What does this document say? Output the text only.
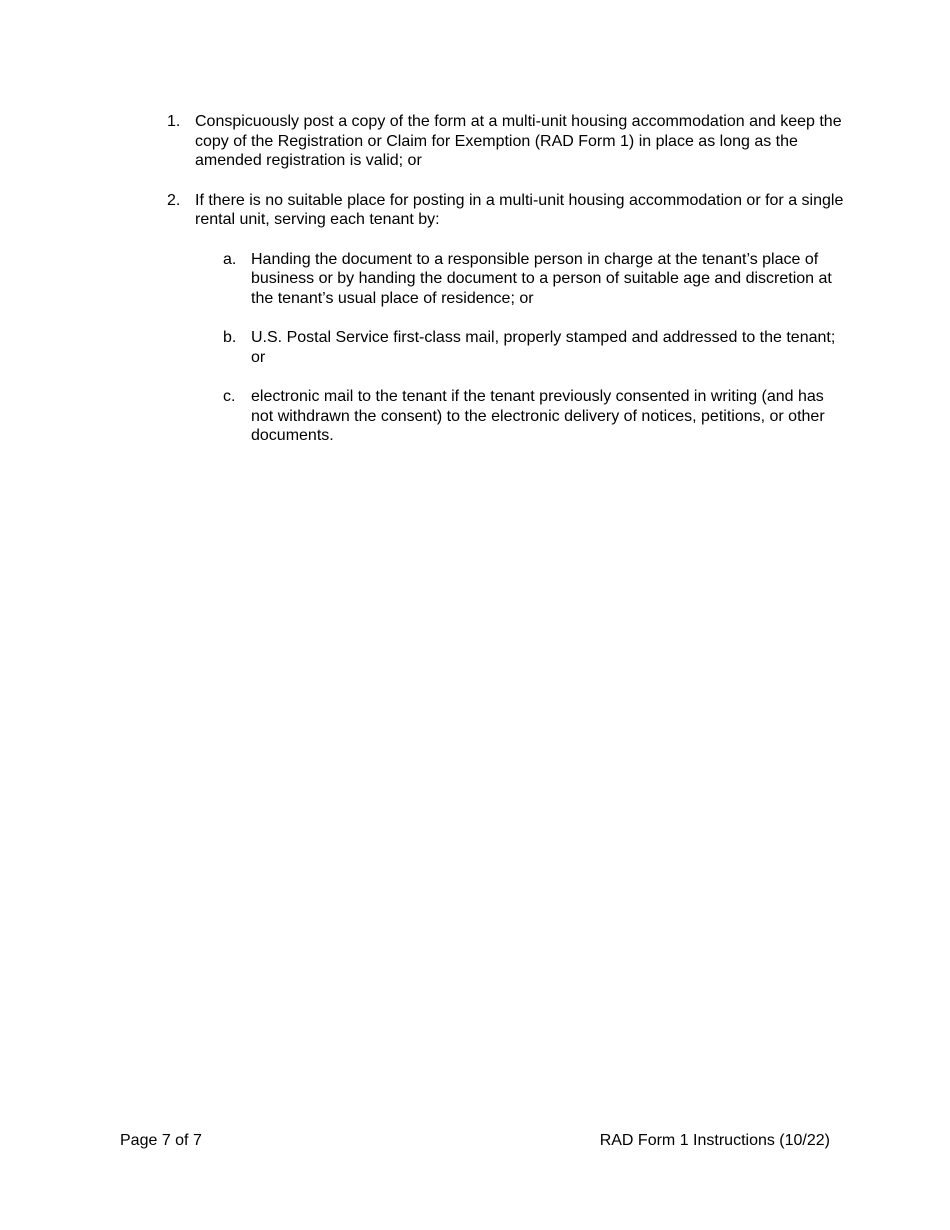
1. Conspicuously post a copy of the form at a multi-unit housing accommodation and keep the copy of the Registration or Claim for Exemption (RAD Form 1) in place as long as the amended registration is valid; or
2. If there is no suitable place for posting in a multi-unit housing accommodation or for a single rental unit, serving each tenant by:
a. Handing the document to a responsible person in charge at the tenant’s place of business or by handing the document to a person of suitable age and discretion at the tenant’s usual place of residence; or
b. U.S. Postal Service first-class mail, properly stamped and addressed to the tenant; or
c. electronic mail to the tenant if the tenant previously consented in writing (and has not withdrawn the consent) to the electronic delivery of notices, petitions, or other documents.
Page 7 of 7	RAD Form 1 Instructions (10/22)
